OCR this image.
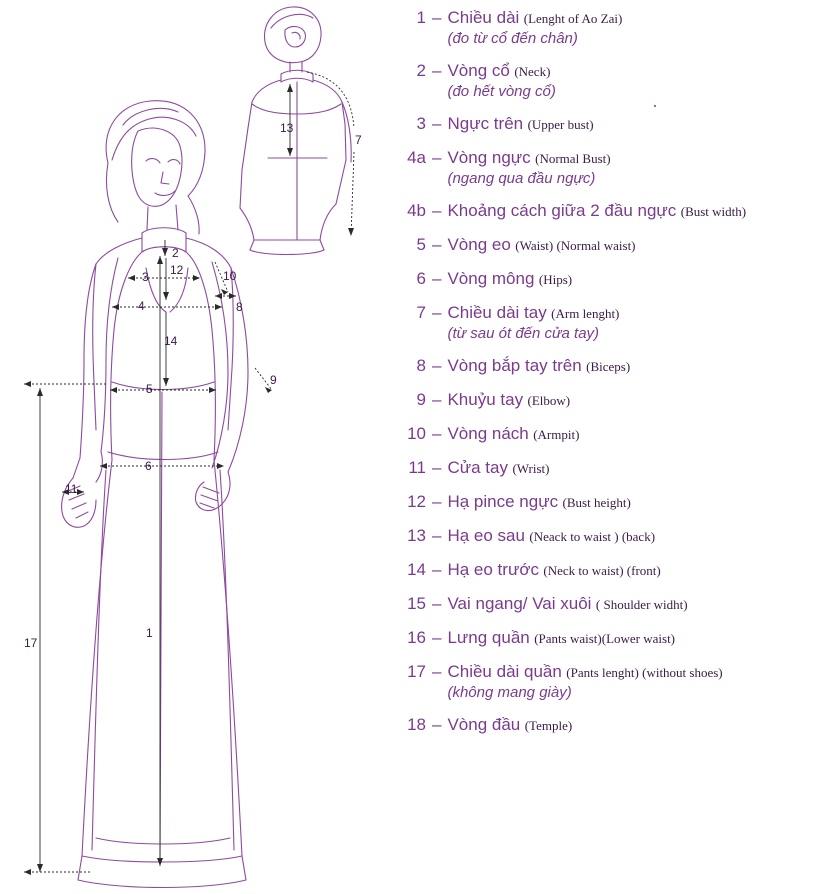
1
2
3
4
5
6
7
8
9
10
11
12
13
14
17
1 – Chiều dài (Lenght of Ao Zai)
(đo từ cổ đến chân)
2 – Vòng cổ (Neck)
(đo hết vòng cổ)
3 – Ngực trên (Upper bust)
4a – Vòng ngực (Normal Bust)
(ngang qua đầu ngực)
4b – Khoảng cách giữa 2 đầu ngực (Bust width)
5 – Vòng eo (Waist) (Normal waist)
6 – Vòng mông (Hips)
7 – Chiều dài tay (Arm lenght)
(từ sau ót đến cửa tay)
8 – Vòng bắp tay trên (Biceps)
9 – Khuỷu tay (Elbow)
10 – Vòng nách (Armpit)
11 – Cửa tay (Wrist)
12 – Hạ pince ngực (Bust height)
13 – Hạ eo sau (Neack to waist ) (back)
14 – Hạ eo trước (Neck to waist) (front)
15 – Vai ngang/ Vai xuôi ( Shoulder widht)
16 – Lưng quần (Pants waist)(Lower waist)
17 – Chiều dài quần (Pants lenght) (without shoes)
(không mang giày)
18 – Vòng đầu (Temple)
